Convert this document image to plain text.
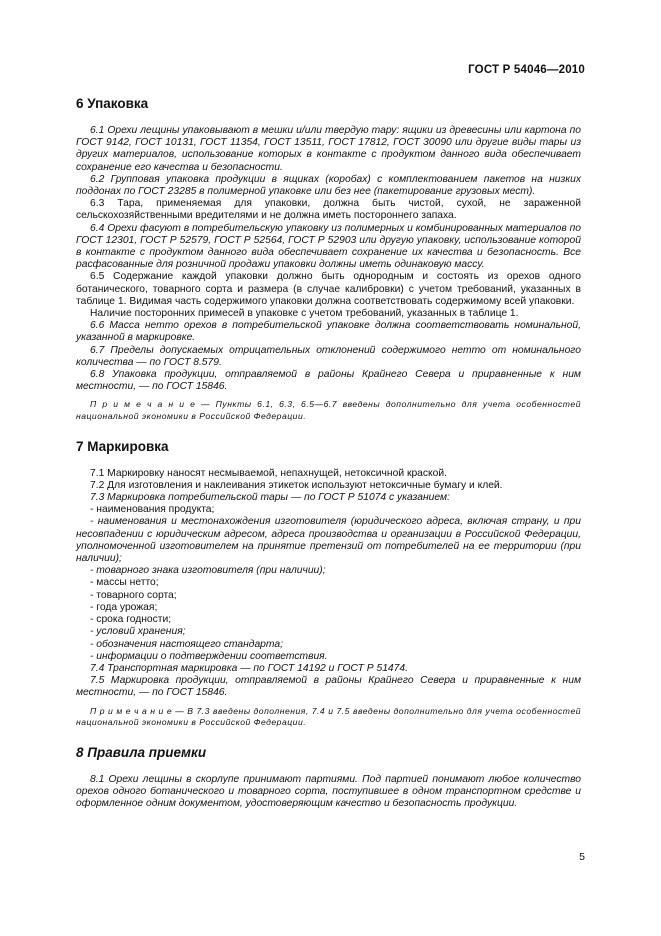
ГОСТ Р 54046—2010
6 Упаковка

6.1 Орехи лещины упаковывают в мешки и/или твердую тару: ящики из древесины или картона по ГОСТ 9142, ГОСТ 10131, ГОСТ 11354, ГОСТ 13511, ГОСТ 17812, ГОСТ 30090 или другие виды тары из других материалов, использование которых в контакте с продуктом данного вида обеспечивает сохранение его качества и безопасности.

6.2 Групповая упаковка продукции в ящиках (коробах) с комплектованием пакетов на низких поддонах по ГОСТ 23285 в полимерной упаковке или без нее (пакетирование грузовых мест).

6.3 Тара, применяемая для упаковки, должна быть чистой, сухой, не зараженной сельскохозяйственными вредителями и не должна иметь постороннего запаха.

6.4 Орехи фасуют в потребительскую упаковку из полимерных и комбинированных материалов по ГОСТ 12301, ГОСТ Р 52579, ГОСТ Р 52564, ГОСТ Р 52903 или другую упаковку, использование которой в контакте с продуктом данного вида обеспечивает сохранение их качества и безопасность. Все расфасованные для розничной продажи упаковки должны иметь одинаковую массу.

6.5 Содержание каждой упаковки должно быть однородным и состоять из орехов одного ботанического, товарного сорта и размера (в случае калибровки) с учетом требований, указанных в таблице 1. Видимая часть содержимого упаковки должна соответствовать содержимому всей упаковки.

Наличие посторонних примесей в упаковке с учетом требований, указанных в таблице 1.

6.6 Масса нетто орехов в потребительской упаковке должна соответствовать номинальной, указанной в маркировке.

6.7 Пределы допускаемых отрицательных отклонений содержимого нетто от номинального количества — по ГОСТ 8.579.

6.8 Упаковка продукции, отправляемой в районы Крайнего Севера и приравненные к ним местности, — по ГОСТ 15846.

П р и м е ч а н и е — Пункты 6.1, 6.3, 6.5—6.7 введены дополнительно для учета особенностей национальной экономики в Российской Федерации.
7 Маркировка

7.1 Маркировку наносят несмываемой, непахнущей, нетоксичной краской.

7.2 Для изготовления и наклеивания этикеток используют нетоксичные бумагу и клей.

7.3 Маркировка потребительской тары — по ГОСТ Р 51074 с указанием:

- наименования продукта;

- наименования и местонахождения изготовителя (юридического адреса, включая страну, и при несовпадении с юридическим адресом, адреса производства и организации в Российской Федерации, уполномоченной изготовителем на принятие претензий от потребителей на ее территории (при наличии);

- товарного знака изготовителя (при наличии);

- массы нетто;

- товарного сорта;

- года урожая;

- срока годности;

- условий хранения;

- обозначения настоящего стандарта;

- информации о подтверждении соответствия.

7.4 Транспортная маркировка — по ГОСТ 14192 и ГОСТ Р 51474.

7.5 Маркировка продукции, отправляемой в районы Крайнего Севера и приравненные к ним местности, — по ГОСТ 15846.

П р и м е ч а н и е — В 7.3 введены дополнения, 7.4 и 7.5 введены дополнительно для учета особенностей национальной экономики в Российской Федерации.
8 Правила приемки

8.1 Орехи лещины в скорлупе принимают партиями. Под партией понимают любое количество орехов одного ботанического и товарного сорта, поступившее в одном транспортном средстве и оформленное одним документом, удостоверяющим качество и безопасность продукции.

5
